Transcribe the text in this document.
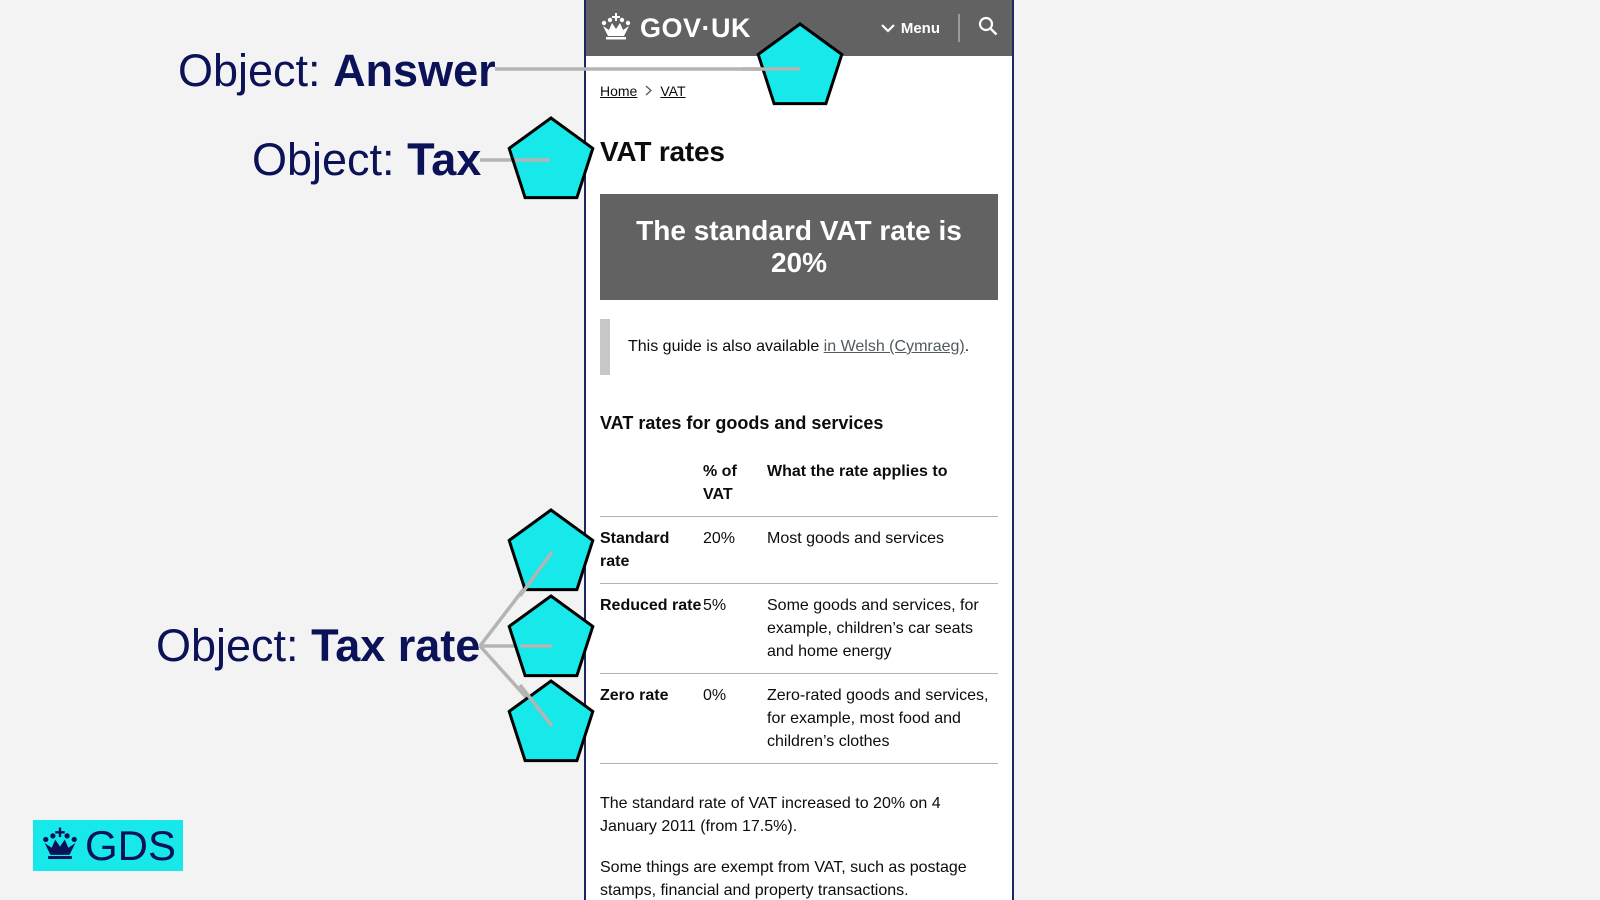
Object: Answer
Object: Tax
Object: Tax rate
GOV·UK	Menu
Home VAT
VAT rates
The standard VAT rate is 20%
This guide is also available in Welsh (Cymraeg).
VAT rates for goods and services
	% of VAT	What the rate applies to
Standard rate	20%	Most goods and services
Reduced rate	5%	Some goods and services, for example, children’s car seats and home energy
Zero rate	0%	Zero-rated goods and services, for example, most food and children’s clothes

The standard rate of VAT increased to 20% on 4 January 2011 (from 17.5%).

Some things are exempt from VAT, such as postage stamps, financial and property transactions.

GDS
